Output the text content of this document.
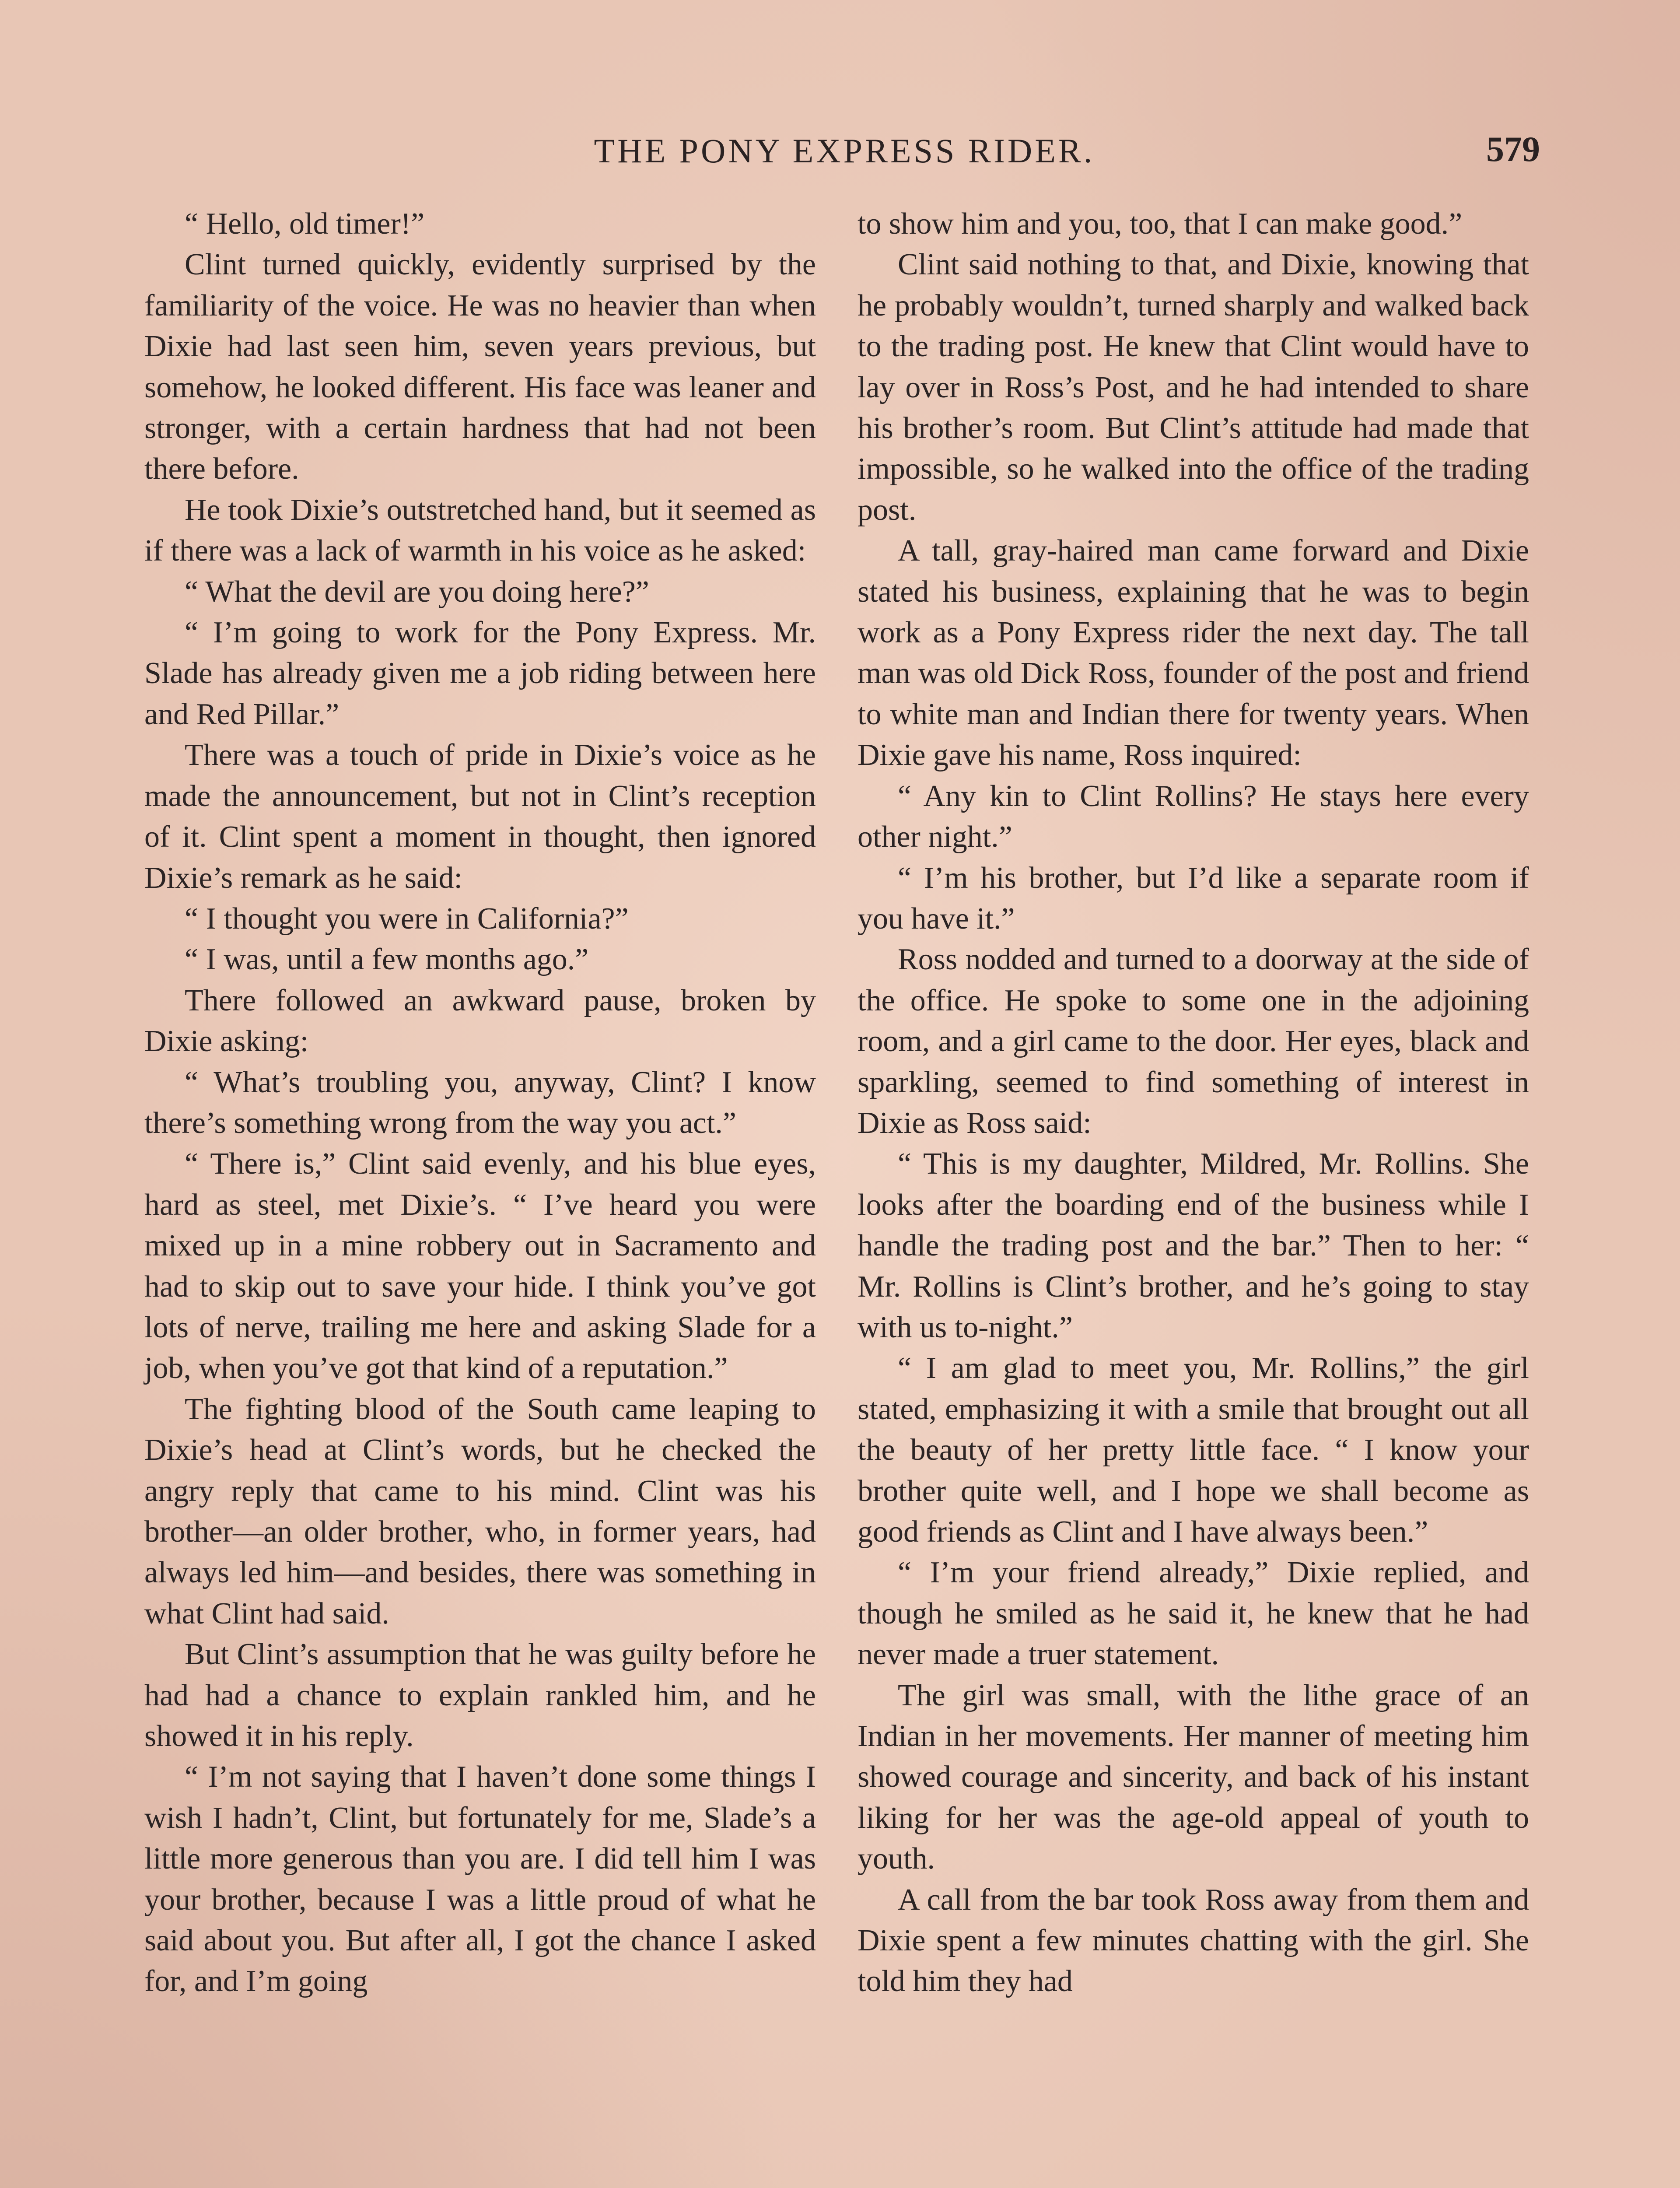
THE PONY EXPRESS RIDER.	579

“ Hello, old timer!”

Clint turned quickly, evidently surprised by the familiarity of the voice. He was no heavier than when Dixie had last seen him, seven years previous, but somehow, he looked different. His face was leaner and stronger, with a certain hardness that had not been there before.

He took Dixie’s outstretched hand, but it seemed as if there was a lack of warmth in his voice as he asked:

“ What the devil are you doing here?”

“ I’m going to work for the Pony Express. Mr. Slade has already given me a job riding between here and Red Pillar.”

There was a touch of pride in Dixie’s voice as he made the announcement, but not in Clint’s reception of it. Clint spent a moment in thought, then ignored Dixie’s remark as he said:

“ I thought you were in California?”

“ I was, until a few months ago.”

There followed an awkward pause, broken by Dixie asking:

“ What’s troubling you, anyway, Clint? I know there’s something wrong from the way you act.”

“ There is,” Clint said evenly, and his blue eyes, hard as steel, met Dixie’s. “ I’ve heard you were mixed up in a mine robbery out in Sacramento and had to skip out to save your hide. I think you’ve got lots of nerve, trailing me here and asking Slade for a job, when you’ve got that kind of a reputation.”

The fighting blood of the South came leaping to Dixie’s head at Clint’s words, but he checked the angry reply that came to his mind. Clint was his brother—an older brother, who, in former years, had always led him—and besides, there was something in what Clint had said.

But Clint’s assumption that he was guilty before he had had a chance to explain rankled him, and he showed it in his reply.

“ I’m not saying that I haven’t done some things I wish I hadn’t, Clint, but fortunately for me, Slade’s a little more generous than you are. I did tell him I was your brother, because I was a little proud of what he said about you. But after all, I got the chance I asked for, and I’m going

to show him and you, too, that I can make good.”

Clint said nothing to that, and Dixie, knowing that he probably wouldn’t, turned sharply and walked back to the trading post. He knew that Clint would have to lay over in Ross’s Post, and he had intended to share his brother’s room. But Clint’s attitude had made that impossible, so he walked into the office of the trading post.

A tall, gray-haired man came forward and Dixie stated his business, explaining that he was to begin work as a Pony Express rider the next day. The tall man was old Dick Ross, founder of the post and friend to white man and Indian there for twenty years. When Dixie gave his name, Ross inquired:

“ Any kin to Clint Rollins? He stays here every other night.”

“ I’m his brother, but I’d like a separate room if you have it.”

Ross nodded and turned to a doorway at the side of the office. He spoke to some one in the adjoining room, and a girl came to the door. Her eyes, black and sparkling, seemed to find something of interest in Dixie as Ross said:

“ This is my daughter, Mildred, Mr. Rollins. She looks after the boarding end of the business while I handle the trading post and the bar.” Then to her: “ Mr. Rollins is Clint’s brother, and he’s going to stay with us to-night.”

“ I am glad to meet you, Mr. Rollins,” the girl stated, emphasizing it with a smile that brought out all the beauty of her pretty little face. “ I know your brother quite well, and I hope we shall become as good friends as Clint and I have always been.”

“ I’m your friend already,” Dixie replied, and though he smiled as he said it, he knew that he had never made a truer statement.

The girl was small, with the lithe grace of an Indian in her movements. Her manner of meeting him showed courage and sincerity, and back of his instant liking for her was the age-old appeal of youth to youth.

A call from the bar took Ross away from them and Dixie spent a few minutes chatting with the girl. She told him they had
